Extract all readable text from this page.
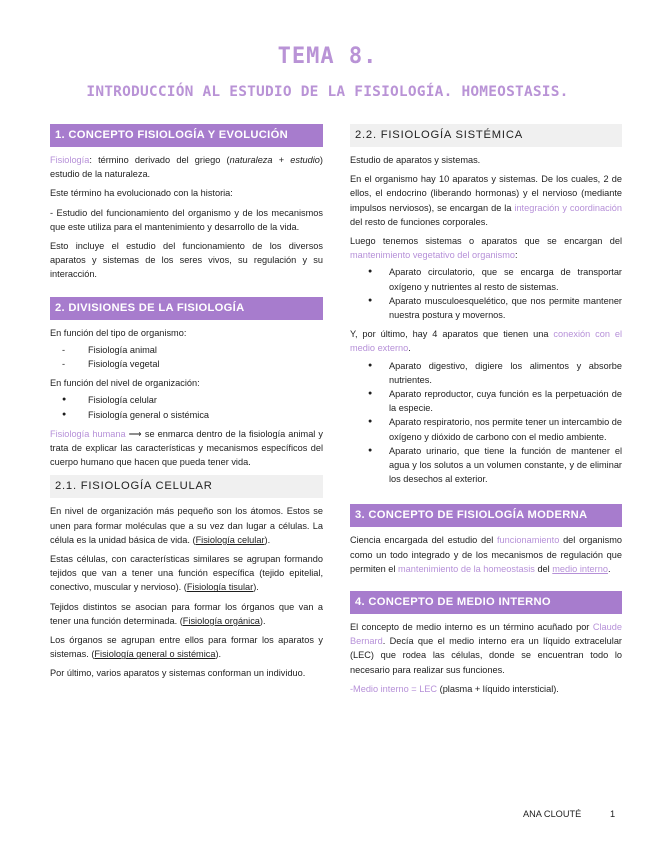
TEMA 8.
INTRODUCCIÓN AL ESTUDIO DE LA FISIOLOGÍA. HOMEOSTASIS.
1. CONCEPTO FISIOLOGÍA Y EVOLUCIÓN

Fisiología: término derivado del griego (naturaleza + estudio) estudio de la naturaleza.

Este término ha evolucionado con la historia:

- Estudio del funcionamiento del organismo y de los mecanismos que este utiliza para el mantenimiento y desarrollo de la vida.

Esto incluye el estudio del funcionamiento de los diversos aparatos y sistemas de los seres vivos, su regulación y su interacción.

2. DIVISIONES DE LA FISIOLOGÍA

En función del tipo de organismo:

- Fisiología animal
- Fisiología vegetal

En función del nivel de organización:

● Fisiología celular
● Fisiología general o sistémica

Fisiología humana ⟶ se enmarca dentro de la fisiología animal y trata de explicar las características y mecanismos específicos del cuerpo humano que hacen que pueda tener vida.

2.1. FISIOLOGÍA CELULAR

En nivel de organización más pequeño son los átomos. Estos se unen para formar moléculas que a su vez dan lugar a células. La célula es la unidad básica de vida. (Fisiología celular).

Estas células, con características similares se agrupan formando tejidos que van a tener una función específica (tejido epitelial, conectivo, muscular y nervioso). (Fisiología tisular).

Tejidos distintos se asocian para formar los órganos que van a tener una función determinada. (Fisiología orgánica).

Los órganos se agrupan entre ellos para formar los aparatos y sistemas. (Fisiología general o sistémica).

Por último, varios aparatos y sistemas conforman un individuo.

2.2. FISIOLOGÍA SISTÉMICA

Estudio de aparatos y sistemas.

En el organismo hay 10 aparatos y sistemas. De los cuales, 2 de ellos, el endocrino (liberando hormonas) y el nervioso (mediante impulsos nerviosos), se encargan de la integración y coordinación del resto de funciones corporales.

Luego tenemos sistemas o aparatos que se encargan del mantenimiento vegetativo del organismo:

● Aparato circulatorio, que se encarga de transportar oxígeno y nutrientes al resto de sistemas.
● Aparato musculoesquelético, que nos permite mantener nuestra postura y movernos.

Y, por último, hay 4 aparatos que tienen una conexión con el medio externo.

● Aparato digestivo, digiere los alimentos y absorbe nutrientes.
● Aparato reproductor, cuya función es la perpetuación de la especie.
● Aparato respiratorio, nos permite tener un intercambio de oxígeno y dióxido de carbono con el medio ambiente.
● Aparato urinario, que tiene la función de mantener el agua y los solutos a un volumen constante, y de eliminar los desechos al exterior.
3. CONCEPTO DE FISIOLOGÍA MODERNA

Ciencia encargada del estudio del funcionamiento del organismo como un todo integrado y de los mecanismos de regulación que permiten el mantenimiento de la homeostasis del medio interno.

4. CONCEPTO DE MEDIO INTERNO

El concepto de medio interno es un término acuñado por Claude Bernard. Decía que el medio interno era un líquido extracelular (LEC) que rodea las células, donde se encuentran todo lo necesario para realizar sus funciones.

-Medio interno = LEC (plasma + líquido intersticial).

ANA CLOUTÉ	1
